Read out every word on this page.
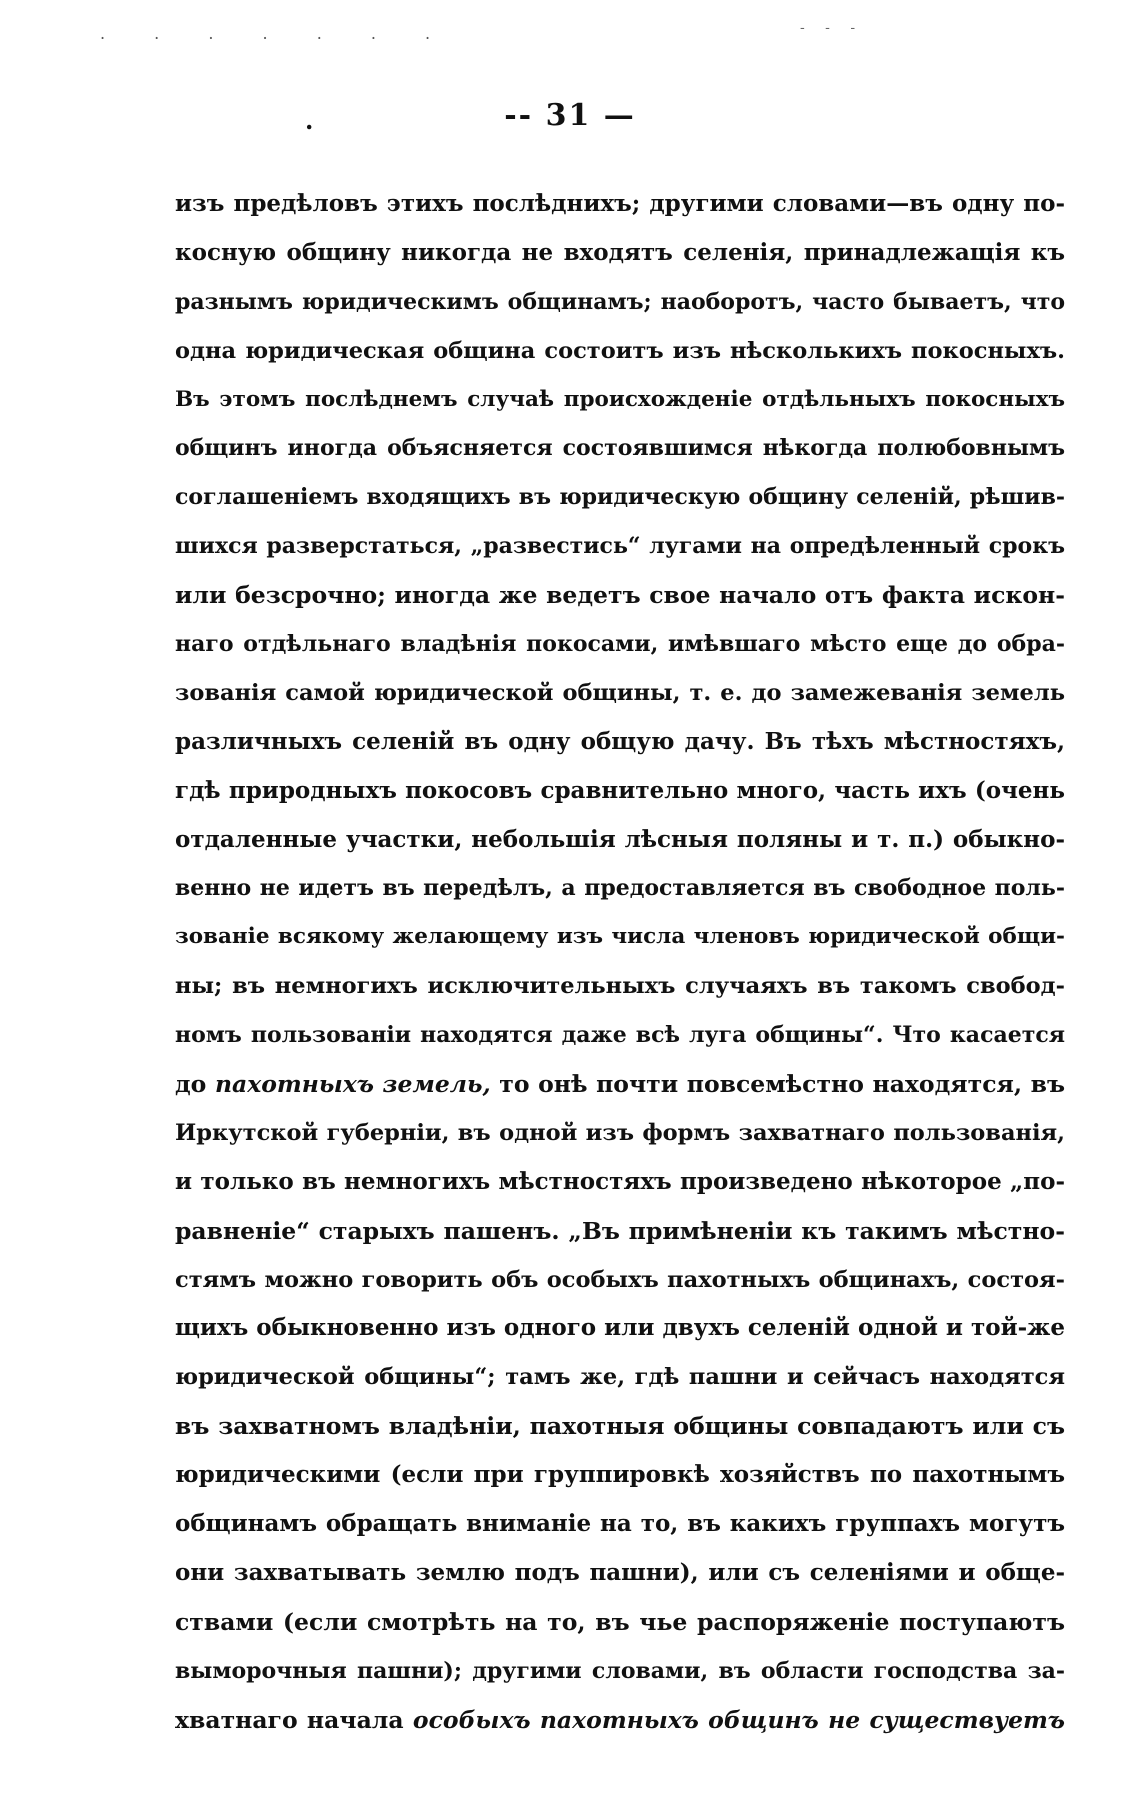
. . . . . . .	- - -
.	-- 31 —
изъ предѣловъ этихъ послѣднихъ; другими словами—въ одну по-
косную общину никогда не входятъ селенія, принадлежащія къ
разнымъ юридическимъ общинамъ; наоборотъ, часто бываетъ, что
одна юридическая община состоитъ изъ нѣсколькихъ покосныхъ.
Въ этомъ послѣднемъ случаѣ происхожденіе отдѣльныхъ покосныхъ
общинъ иногда объясняется состоявшимся нѣкогда полюбовнымъ
соглашеніемъ входящихъ въ юридическую общину селеній, рѣшив-
шихся разверстаться, „развестись“ лугами на опредѣленный срокъ
или безсрочно; иногда же ведетъ свое начало отъ факта искон-
наго отдѣльнаго владѣнія покосами, имѣвшаго мѣсто еще до обра-
зованія самой юридической общины, т. е. до замежеванія земель
различныхъ селеній въ одну общую дачу. Въ тѣхъ мѣстностяхъ,
гдѣ природныхъ покосовъ сравнительно много, часть ихъ (очень
отдаленные участки, небольшія лѣсныя поляны и т. п.) обыкно-
венно не идетъ въ передѣлъ, а предоставляется въ свободное поль-
зованіе всякому желающему изъ числа членовъ юридической общи-
ны; въ немногихъ исключительныхъ случаяхъ въ такомъ свобод-
номъ пользованіи находятся даже всѣ луга общины“. Что касается
до пахотныхъ земель, то онѣ почти повсемѣстно находятся, въ
Иркутской губерніи, въ одной изъ формъ захватнаго пользованія,
и только въ немногихъ мѣстностяхъ произведено нѣкоторое „по-
равненіе“ старыхъ пашенъ. „Въ примѣненіи къ такимъ мѣстно-
стямъ можно говорить объ особыхъ пахотныхъ общинахъ, состоя-
щихъ обыкновенно изъ одного или двухъ селеній одной и той-же
юридической общины“; тамъ же, гдѣ пашни и сейчасъ находятся
въ захватномъ владѣніи, пахотныя общины совпадаютъ или съ
юридическими (если при группировкѣ хозяйствъ по пахотнымъ
общинамъ обращать вниманіе на то, въ какихъ группахъ могутъ
они захватывать землю подъ пашни), или съ селеніями и обще-
ствами (если смотрѣть на то, въ чье распоряженіе поступаютъ
выморочныя пашни); другими словами, въ области господства за-
хватнаго начала особыхъ пахотныхъ общинъ не существуетъ
